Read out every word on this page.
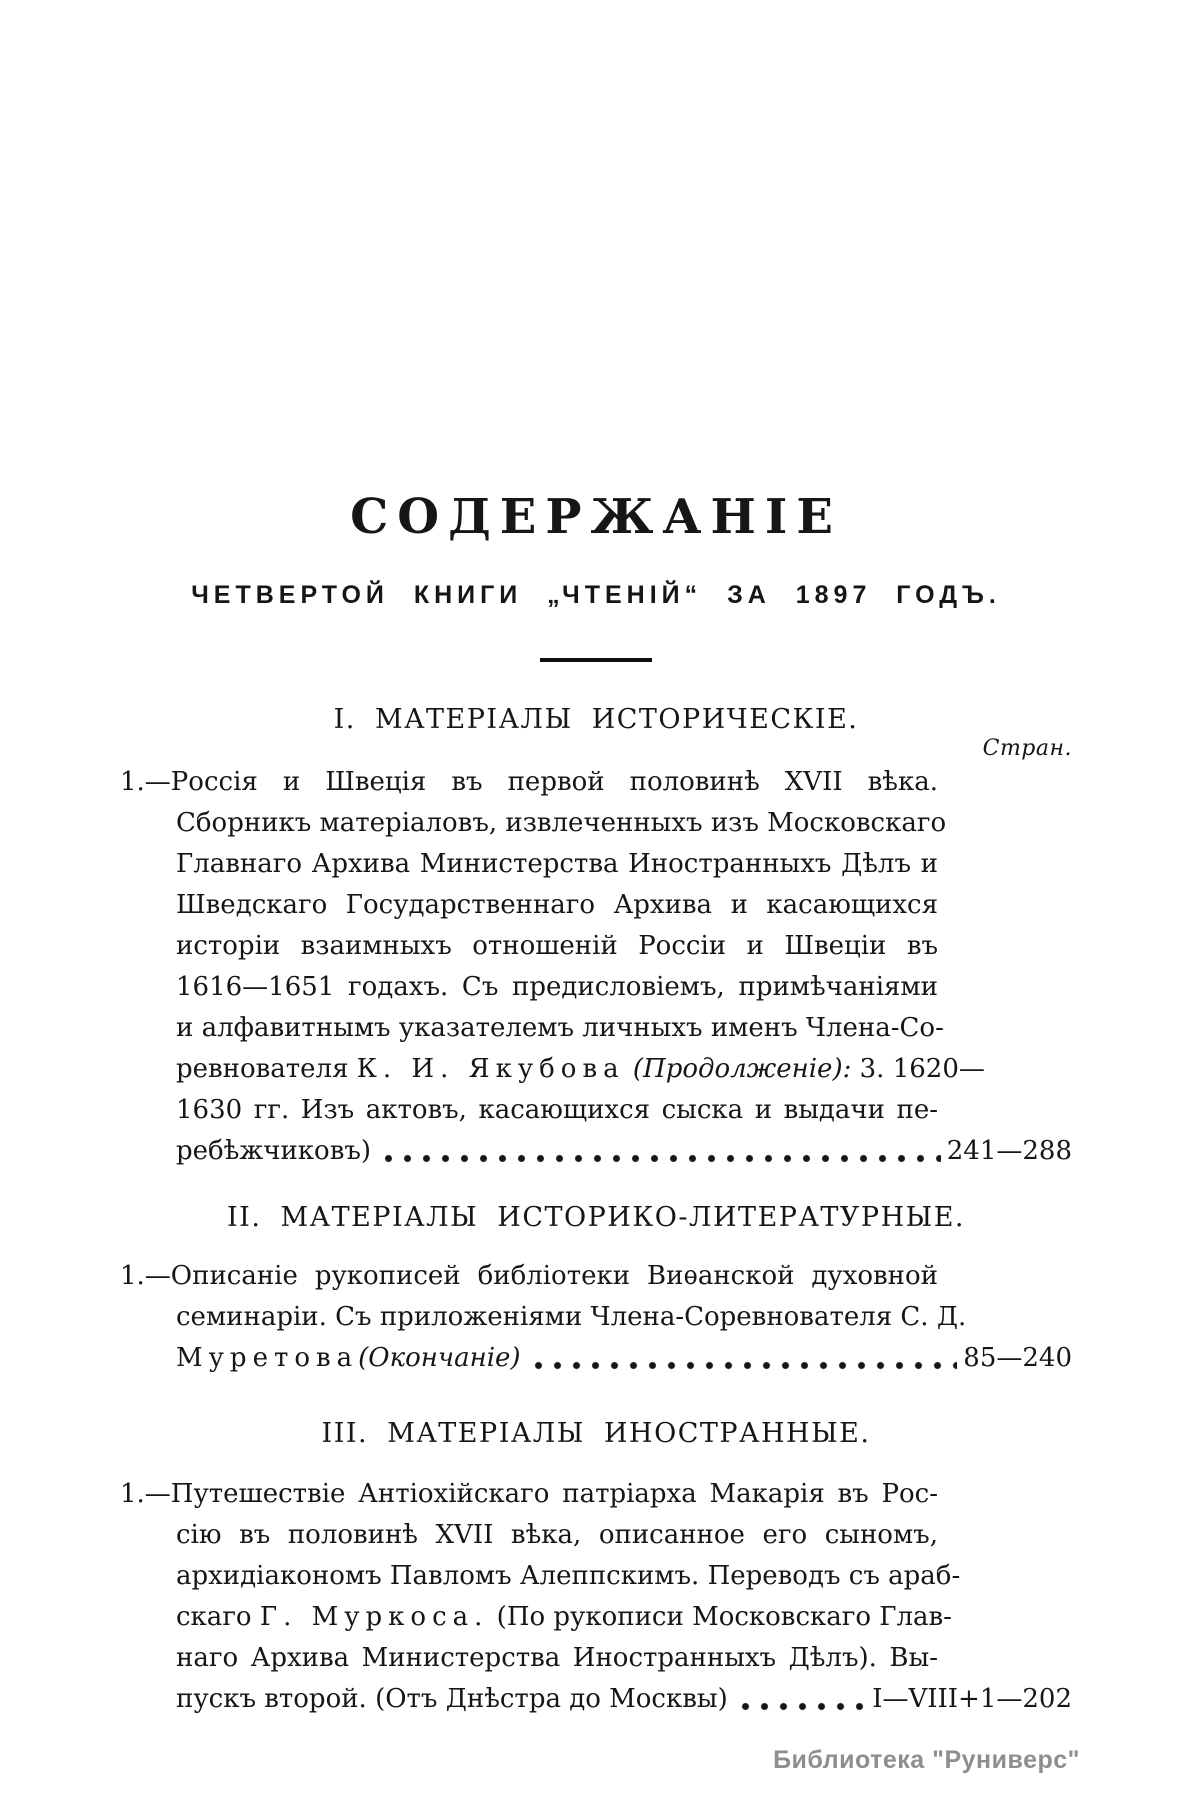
СОДЕРЖАНІЕ
ЧЕТВЕРТОЙ КНИГИ „ЧТЕНІЙ“ ЗА 1897 ГОДЪ.
I. МАТЕРІАЛЫ ИСТОРИЧЕСКІЕ.
Стран.
1.—Россія и Швеція въ первой половинѣ XVII вѣка.
Сборникъ матеріаловъ, извлеченныхъ изъ Московскаго
Главнаго Архива Министерства Иностранныхъ Дѣлъ и
Шведскаго Государственнаго Архива и касающихся
исторіи взаимныхъ отношеній Россіи и Швеціи въ
1616—1651 годахъ. Съ предисловіемъ, примѣчаніями
и алфавитнымъ указателемъ личныхъ именъ Члена-Со-
ревнователя К. И. Якубова (Продолженіе): 3. 1620—
1630 гг. Изъ актовъ, касающихся сыска и выдачи пе-
ребѣжчиковъ)	241—288
II. МАТЕРІАЛЫ ИСТОРИКО-ЛИТЕРАТУРНЫЕ.
1.—Описаніе рукописей библіотеки Виѳанской духовной
семинаріи. Съ приложеніями Члена-Соревнователя С. Д.
Муретова (Окончаніе)	85—240
III. МАТЕРІАЛЫ ИНОСТРАННЫЕ.
1.—Путешествіе Антіохійскаго патріарха Макарія въ Рос-
сію въ половинѣ XVII вѣка, описанное его сыномъ,
архидіакономъ Павломъ Алеппскимъ. Переводъ съ араб-
скаго Г. Муркоса. (По рукописи Московскаго Глав-
наго Архива Министерства Иностранныхъ Дѣлъ). Вы-
пускъ второй. (Отъ Днѣстра до Москвы)	I—VIII+1—202
Библиотека "Руниверс"
